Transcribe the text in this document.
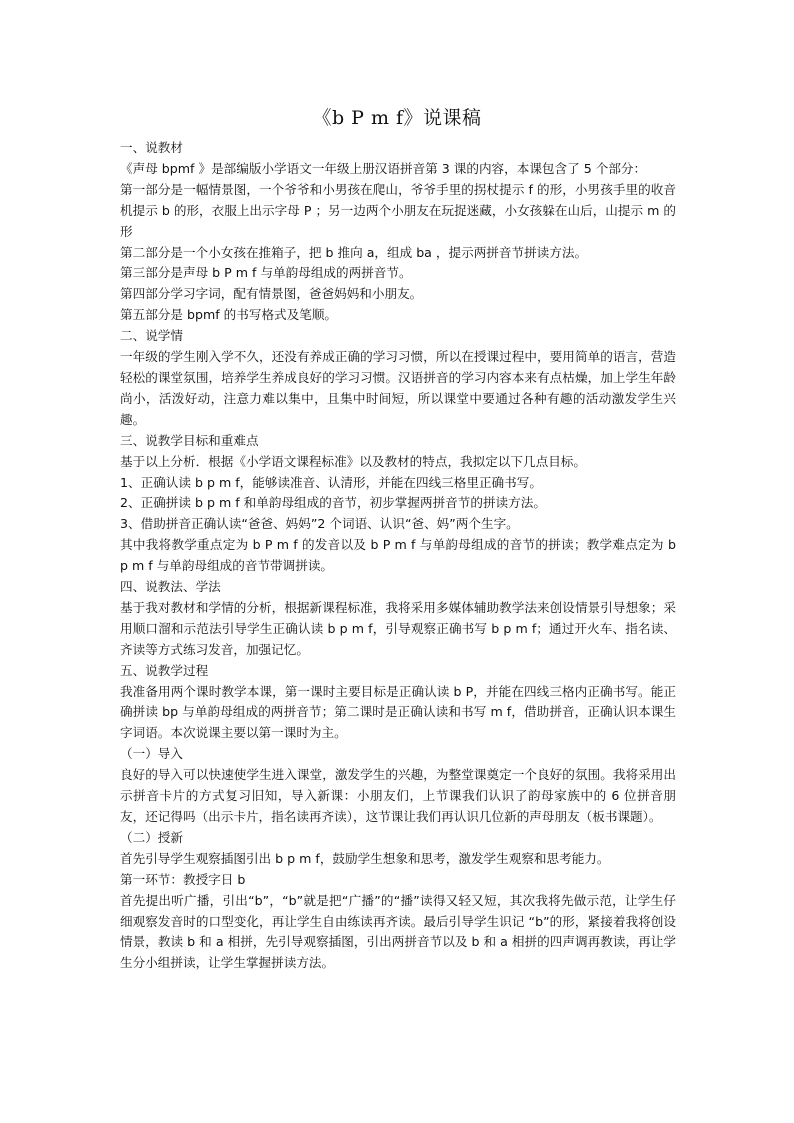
《b P m f》说课稿

一、说教材

《声母 bpmf 》是部编版小学语文一年级上册汉语拼音第 3 课的内容，本课包含了 5 个部分：

第一部分是一幅情景图，一个爷爷和小男孩在爬山，爷爷手里的拐杖提示 f 的形，小男孩手里的收音机提示 b 的形，衣服上出示字母 P ；另一边两个小朋友在玩捉迷藏，小女孩躲在山后，山提示 m 的形

第二部分是一个小女孩在推箱子，把 b 推向 a，组成 ba ，提示两拼音节拼读方法。

第三部分是声母 b P m f 与单韵母组成的两拼音节。

第四部分学习字词，配有情景图，爸爸妈妈和小朋友。

第五部分是 bpmf 的书写格式及笔顺。

二、说学情

一年级的学生刚入学不久，还没有养成正确的学习习惯，所以在授课过程中，要用简单的语言，营造轻松的课堂氛围，培养学生养成良好的学习习惯。汉语拼音的学习内容本来有点枯燥，加上学生年龄尚小，活泼好动，注意力难以集中，且集中时间短，所以课堂中要通过各种有趣的活动激发学生兴趣。

三、说教学目标和重难点

基于以上分析．根据《小学语文课程标准》以及教材的特点，我拟定以下几点目标。

1、正确认读 b p m f，能够读准音、认清形，并能在四线三格里正确书写。

2、正确拼读 b p m f 和单韵母组成的音节，初步掌握两拼音节的拼读方法。

3、借助拼音正确认读“爸爸、妈妈”2 个词语、认识“爸、妈”两个生字。

其中我将教学重点定为 b P m f 的发音以及 b P m f 与单韵母组成的音节的拼读；教学难点定为 b p m f 与单韵母组成的音节带调拼读。

四、说教法、学法

基于我对教材和学情的分析，根据新课程标准，我将采用多媒体辅助教学法来创设情景引导想象；采用顺口溜和示范法引导学生正确认读 b p m f，引导观察正确书写 b p m f；通过开火车、指名读、齐读等方式练习发音，加强记忆。

五、说教学过程

我准备用两个课时教学本课，第一课时主要目标是正确认读 b P，并能在四线三格内正确书写。能正确拼读 bp 与单韵母组成的两拼音节；第二课时是正确认读和书写 m f，借助拼音，正确认识本课生字词语。本次说课主要以第一课时为主。

（一）导入

良好的导入可以快速使学生进入课堂，激发学生的兴趣，为整堂课奠定一个良好的氛围。我将采用出示拼音卡片的方式复习旧知，导入新课：小朋友们，上节课我们认识了韵母家族中的 6 位拼音朋友，还记得吗（出示卡片，指名读再齐读），这节课让我们再认识几位新的声母朋友（板书课题）。

（二）授新

首先引导学生观察插图引出 b p m f，鼓励学生想象和思考，激发学生观察和思考能力。

第一环节：教授字日 b

首先提出听广播，引出“b”，“b”就是把“广播”的“播”读得又轻又短，其次我将先做示范，让学生仔细观察发音时的口型变化，再让学生自由练读再齐读。最后引导学生识记 “b”的形，紧接着我将创设情景，教读 b 和 a 相拼，先引导观察插图，引出两拼音节以及 b 和 a 相拼的四声调再教读，再让学生分小组拼读，让学生掌握拼读方法。
